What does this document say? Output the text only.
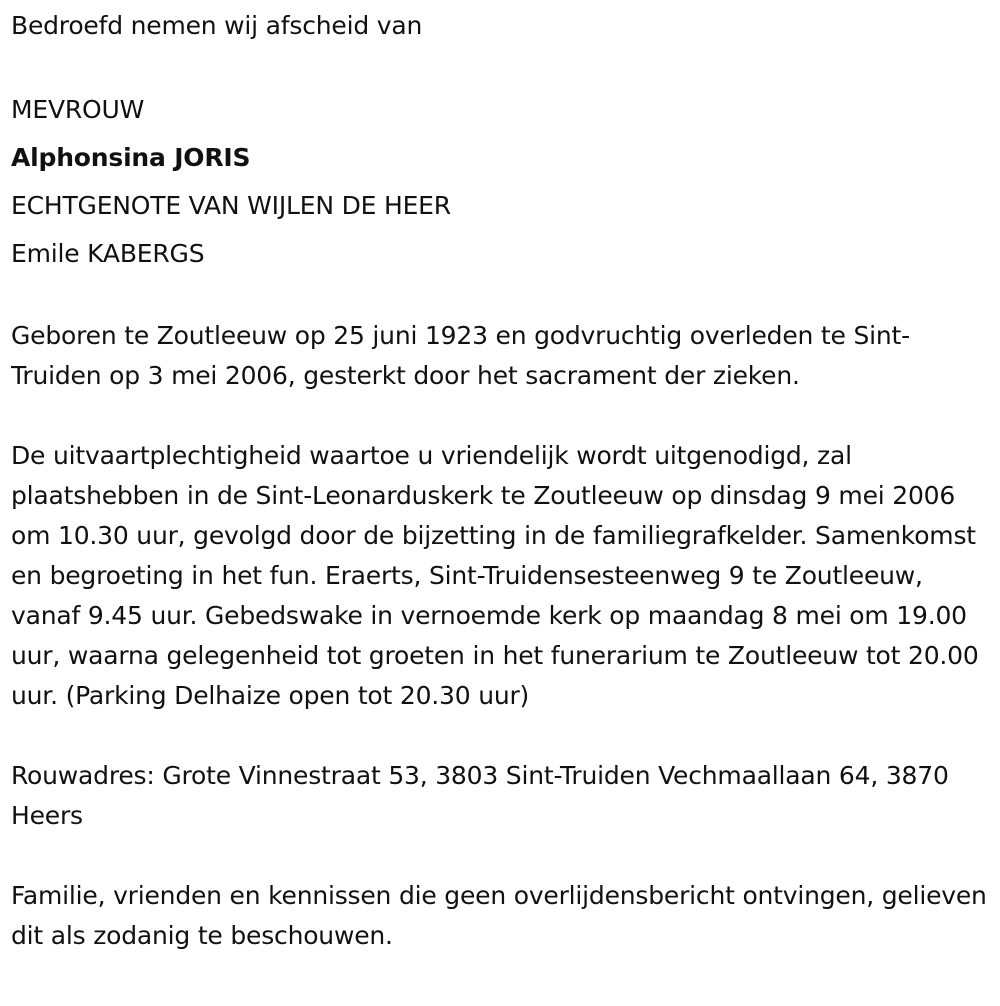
Bedroefd nemen wij afscheid van
MEVROUW
Alphonsina JORIS
ECHTGENOTE VAN WIJLEN DE HEER
Emile KABERGS
Geboren te Zoutleeuw op 25 juni 1923 en godvruchtig overleden te Sint-Truiden op 3 mei 2006, gesterkt door het sacrament der zieken.
De uitvaartplechtigheid waartoe u vriendelijk wordt uitgenodigd, zal plaatshebben in de Sint-Leonarduskerk te Zoutleeuw op dinsdag 9 mei 2006 om 10.30 uur, gevolgd door de bijzetting in de familiegrafkelder. Samenkomst en begroeting in het fun. Eraerts, Sint-Truidensesteenweg 9 te Zoutleeuw, vanaf 9.45 uur. Gebedswake in vernoemde kerk op maandag 8 mei om 19.00 uur, waarna gelegenheid tot groeten in het funerarium te Zoutleeuw tot 20.00 uur. (Parking Delhaize open tot 20.30 uur)
Rouwadres: Grote Vinnestraat 53, 3803 Sint-Truiden Vechmaallaan 64, 3870 Heers
Familie, vrienden en kennissen die geen overlijdensbericht ontvingen, gelieven dit als zodanig te beschouwen.
